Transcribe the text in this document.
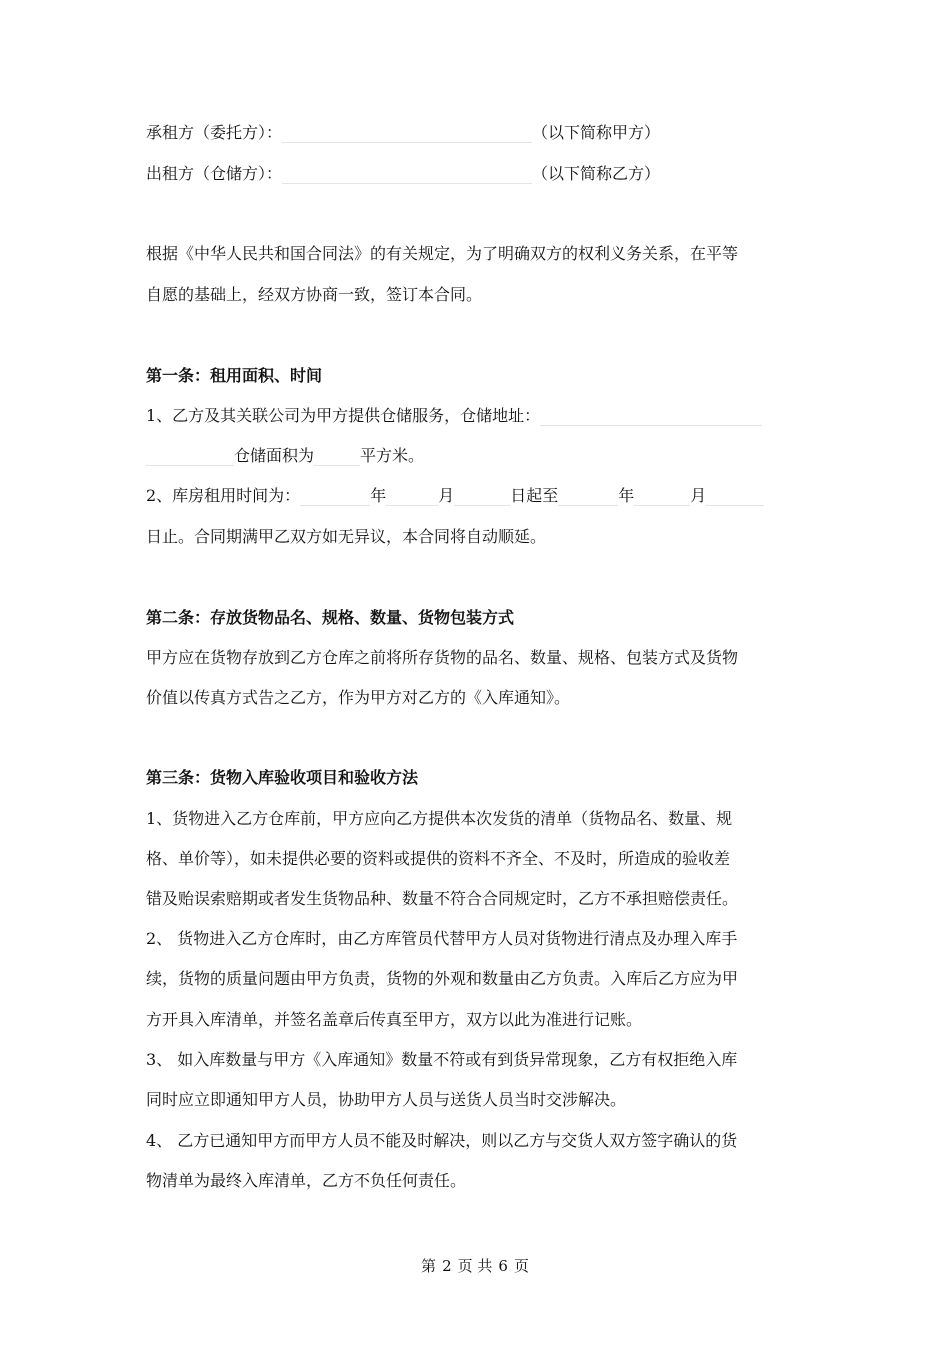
承租方（委托方）：	（以下简称甲方）
出租方（仓储方）：	（以下简称乙方）
根据《中华人民共和国合同法》的有关规定，为了明确双方的权利义务关系，在平等
自愿的基础上，经双方协商一致，签订本合同。
第一条：租用面积、时间
1、乙方及其关联公司为甲方提供仓储服务，仓储地址：
仓储面积为	平方米。
2、库房租用时间为：	年	月	日起至	年	月
日止。合同期满甲乙双方如无异议，本合同将自动顺延。
第二条：存放货物品名、规格、数量、货物包装方式
甲方应在货物存放到乙方仓库之前将所存货物的品名、数量、规格、包装方式及货物
价值以传真方式告之乙方，作为甲方对乙方的《入库通知》。
第三条：货物入库验收项目和验收方法
1、货物进入乙方仓库前，甲方应向乙方提供本次发货的清单（货物品名、数量、规
格、单价等），如未提供必要的资料或提供的资料不齐全、不及时，所造成的验收差
错及贻误索赔期或者发生货物品种、数量不符合合同规定时，乙方不承担赔偿责任。
2、 货物进入乙方仓库时，由乙方库管员代替甲方人员对货物进行清点及办理入库手
续，货物的质量问题由甲方负责，货物的外观和数量由乙方负责。入库后乙方应为甲
方开具入库清单，并签名盖章后传真至甲方，双方以此为准进行记账。
3、 如入库数量与甲方《入库通知》数量不符或有到货异常现象，乙方有权拒绝入库
同时应立即通知甲方人员，协助甲方人员与送货人员当时交涉解决。
4、 乙方已通知甲方而甲方人员不能及时解决，则以乙方与交货人双方签字确认的货
物清单为最终入库清单，乙方不负任何责任。
第 2 页 共 6 页
